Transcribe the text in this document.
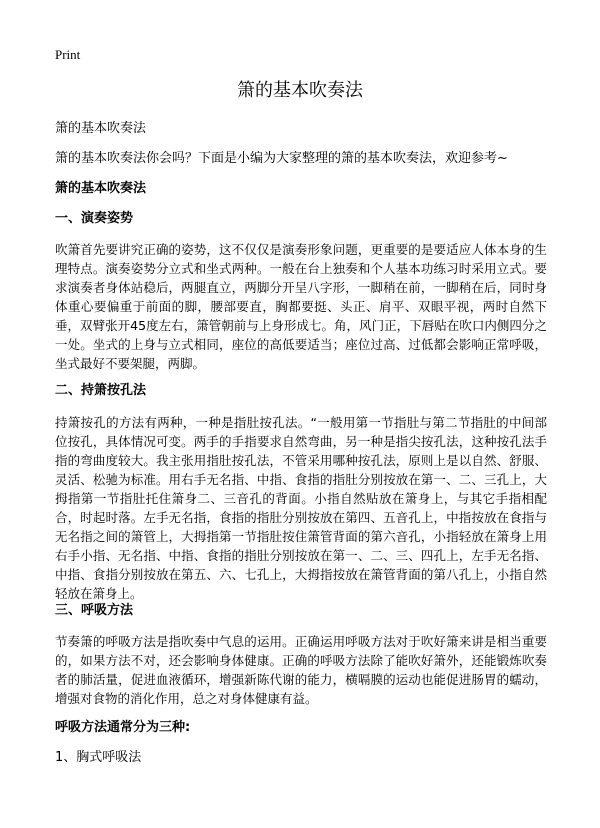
Print
箫的基本吹奏法
箫的基本吹奏法
箫的基本吹奏法你会吗？下面是小编为大家整理的箫的基本吹奏法，欢迎参考~
箫的基本吹奏法
一、演奏姿势
吹箫首先要讲究正确的姿势，这不仅仅是演奏形象问题，更重要的是要适应人体本身的生理特点。演奏姿势分立式和坐式两种。一般在台上独奏和个人基本功练习时采用立式。要求演奏者身体站稳后，两腿直立，两脚分开呈八字形，一脚稍在前，一脚稍在后，同时身体重心要偏重于前面的脚，腰部要直，胸都要挺、头正、肩平、双眼平视，两时自然下垂，双臂张开45度左右，箫管朝前与上身形成七。角，风门正，下唇贴在吹口内侧四分之一处。坐式的上身与立式相同，座位的高低要适当；座位过高、过低都会影响正常呼吸，坐式最好不要架腿，两脚。
二、持箫按孔法
持箫按孔的方法有两种，一种是指肚按孔法。“一般用第一节指肚与第二节指肚的中间部位按孔，具体情况可变。两手的手指要求自然弯曲，另一种是指尖按孔法，这种按孔法手指的弯曲度较大。我主张用指肚按孔法，不管采用哪种按孔法，原则上是以自然、舒服、灵活、松驰为标准。用右手无名指、中指、食指的指肚分别按放在第一、二、三孔上，大拇指第一节指肚托住箫身二、三音孔的背面。小指自然贴放在箫身上，与其它手指相配合，时起时落。左手无名指，食指的指肚分别按放在第四、五音孔上，中指按放在食指与无名指之间的箫管上，大拇指第一节指肚按住箫管背面的第六音孔，小指轻放在箫身上用右手小指、无名指、中指、食指的指肚分别按放在第一、二、三、四孔上，左手无名指、中指、食指分别按放在第五、六、七孔上，大拇指按放在箫管背面的第八孔上，小指自然轻放在箫身上。
三、呼吸方法
节奏箫的呼吸方法是指吹奏中气息的运用。正确运用呼吸方法对于吹好箫来讲是相当重要的，如果方法不对，还会影响身体健康。正确的呼吸方法除了能吹好箫外，还能锻炼吹奏者的肺活量，促进血液循环，增强新陈代谢的能力，横嗝膜的运动也能促进肠胃的蠕动，增强对食物的消化作用，总之对身体健康有益。
呼吸方法通常分为三种:
1、胸式呼吸法
